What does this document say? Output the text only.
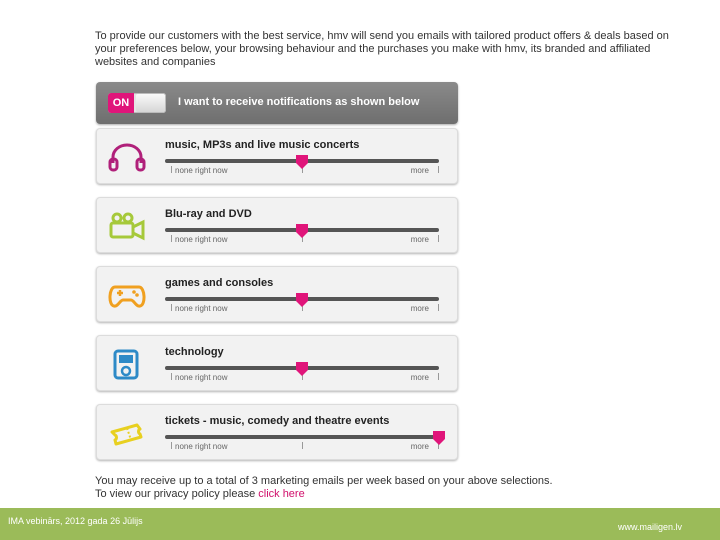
To provide our customers with the best service, hmv will send you emails with tailored product offers & deals based on your preferences below, your browsing behaviour and the purchases you make with hmv, its branded and affiliated websites and companies
ON	I want to receive notifications as shown below
music, MP3s and live music concerts
none right now	more
Blu-ray and DVD
none right now	more
games and consoles
none right now	more
technology
none right now	more
tickets - music, comedy and theatre events
none right now	more
You may receive up to a total of 3 marketing emails per week based on your above selections.
To view our privacy policy please click here
IMA vebinārs, 2012 gada 26 Jūlijs
www.mailigen.lv
